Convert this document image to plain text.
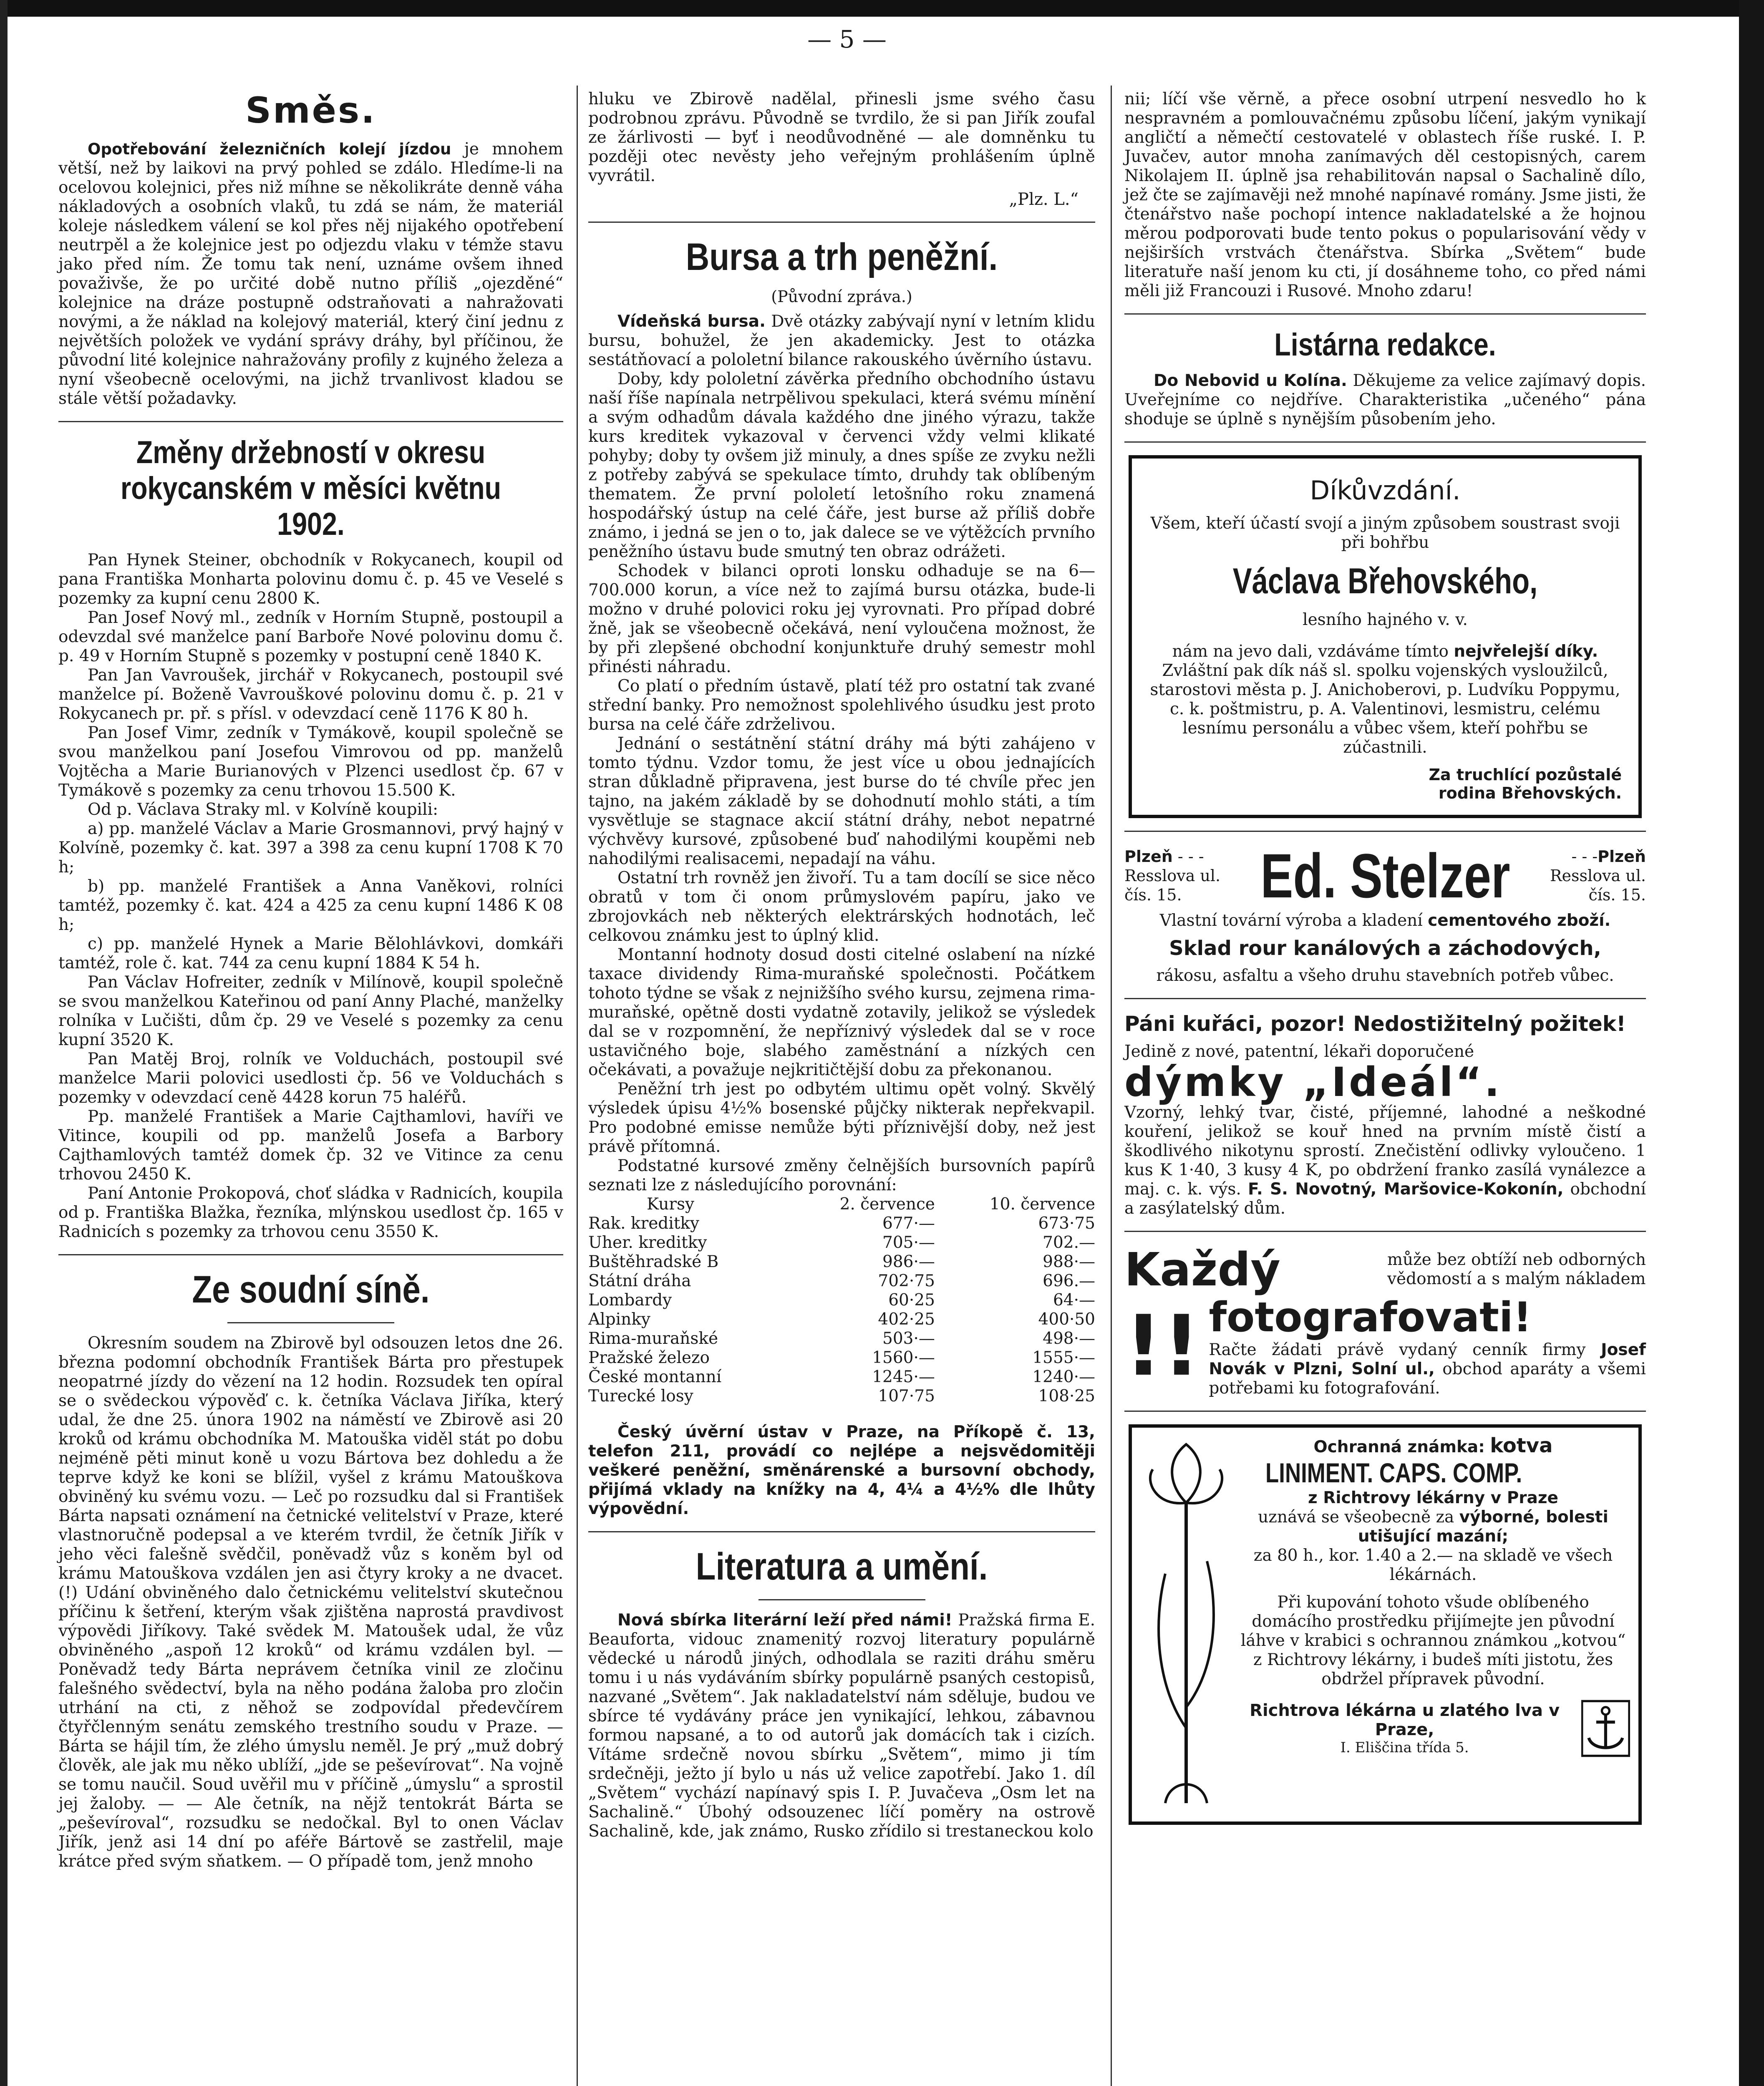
— 5 —
Směs.

Opotřebování železničních kolejí jízdou je mnohem větší, než by laikovi na prvý pohled se zdálo. Hledíme-li na ocelovou kolejnici, přes niž míhne se několikráte denně váha nákladových a osobních vlaků, tu zdá se nám, že materiál koleje následkem válení se kol přes něj nijakého opotřebení neutrpěl a že kolejnice jest po odjezdu vlaku v témže stavu jako před ním. Že tomu tak není, uznáme ovšem ihned považivše, že po určité době nutno příliš „ojezděné“ kolejnice na dráze postupně odstraňovati a nahražovati novými, a že náklad na kolejový materiál, který činí jednu z největších položek ve vydání správy dráhy, byl příčinou, že původní lité kolejnice nahražovány profily z kujného železa a nyní všeobecně ocelovými, na jichž trvanlivost kladou se stále větší požadavky.

Změny držebností v okresu rokycanském v měsíci květnu 1902.

Pan Hynek Steiner, obchodník v Rokycanech, koupil od pana Františka Monharta polovinu domu č. p. 45 ve Veselé s pozemky za kupní cenu 2800 K.

Pan Josef Nový ml., zedník v Horním Stupně, postoupil a odevzdal své manželce paní Barboře Nové polovinu domu č. p. 49 v Horním Stupně s pozemky v postupní ceně 1840 K.

Pan Jan Vavroušek, jirchář v Rokycanech, postoupil své manželce pí. Boženě Vavrouškové polovinu domu č. p. 21 v Rokycanech pr. př. s přísl. v odevzdací ceně 1176 K 80 h.

Pan Josef Vimr, zedník v Tymákově, koupil společně se svou manželkou paní Josefou Vimrovou od pp. manželů Vojtěcha a Marie Burianových v Plzenci usedlost čp. 67 v Tymákově s pozemky za cenu trhovou 15.500 K.

Od p. Václava Straky ml. v Kolvíně koupili:

a) pp. manželé Václav a Marie Grosmannovi, prvý hajný v Kolvíně, pozemky č. kat. 397 a 398 za cenu kupní 1708 K 70 h;

b) pp. manželé František a Anna Vaněkovi, rolníci tamtéž, pozemky č. kat. 424 a 425 za cenu kupní 1486 K 08 h;

c) pp. manželé Hynek a Marie Bělohlávkovi, domkáři tamtéž, role č. kat. 744 za cenu kupní 1884 K 54 h.

Pan Václav Hofreiter, zedník v Milínově, koupil společně se svou manželkou Kateřinou od paní Anny Plaché, manželky rolníka v Lučišti, dům čp. 29 ve Veselé s pozemky za cenu kupní 3520 K.

Pan Matěj Broj, rolník ve Volduchách, postoupil své manželce Marii polovici usedlosti čp. 56 ve Volduchách s pozemky v odevzdací ceně 4428 korun 75 haléřů.

Pp. manželé František a Marie Cajthamlovi, havíři ve Vitince, koupili od pp. manželů Josefa a Barbory Cajthamlových tamtéž domek čp. 32 ve Vitince za cenu trhovou 2450 K.

Paní Antonie Prokopová, choť sládka v Radnicích, koupila od p. Františka Blažka, řezníka, mlýnskou usedlost čp. 165 v Radnicích s pozemky za trhovou cenu 3550 K.

Ze soudní síně.

Okresním soudem na Zbirově byl odsouzen letos dne 26. března podomní obchodník František Bárta pro přestupek neopatrné jízdy do vězení na 12 hodin. Rozsudek ten opíral se o svědeckou výpověď c. k. četníka Václava Jiříka, který udal, že dne 25. února 1902 na náměstí ve Zbirově asi 20 kroků od krámu obchodníka M. Matouška viděl stát po dobu nejméně pěti minut koně u vozu Bártova bez dohledu a že teprve když ke koni se blížil, vyšel z krámu Matouškova obviněný ku svému vozu. — Leč po rozsudku dal si František Bárta napsati oznámení na četnické velitelství v Praze, které vlastnoručně podepsal a ve kterém tvrdil, že četník Jiřík v jeho věci falešně svědčil, poněvadž vůz s koněm byl od krámu Matouškova vzdálen jen asi čtyry kroky a ne dvacet. (!) Udání obviněného dalo četnickému velitelství skutečnou příčinu k šetření, kterým však zjištěna naprostá pravdivost výpovědi Jiříkovy. Také svědek M. Matoušek udal, že vůz obviněného „aspoň 12 kroků“ od krámu vzdálen byl. — Poněvadž tedy Bárta neprávem četníka vinil ze zločinu falešného svědectví, byla na něho podána žaloba pro zločin utrhání na cti, z něhož se zodpovídal předevčírem čtyřčlenným senátu zemského trestního soudu v Praze. — Bárta se hájil tím, že zlého úmyslu neměl. Je prý „muž dobrý člověk, ale jak mu něko ublíží, „jde se peševírovat“. Na vojně se tomu naučil. Soud uvěřil mu v příčině „úmyslu“ a sprostil jej žaloby. — — Ale četník, na nějž tentokrát Bárta se „peševíroval“, rozsudku se nedočkal. Byl to onen Václav Jiřík, jenž asi 14 dní po aféře Bártově se zastřelil, maje krátce před svým sňatkem. — O případě tom, jenž mnoho

hluku ve Zbirově nadělal, přinesli jsme svého času podrobnou zprávu. Původně se tvrdilo, že si pan Jiřík zoufal ze žárlivosti — byť i neodůvodněné — ale domněnku tu později otec nevěsty jeho veřejným prohlášením úplně vyvrátil.

„Plz. L.“
Bursa a trh peněžní.
(Původní zpráva.)

Vídeňská bursa. Dvě otázky zabývají nyní v letním klidu bursu, bohužel, že jen akademicky. Jest to otázka sestátňovací a pololetní bilance rakouského úvěrního ústavu.

Doby, kdy pololetní závěrka předního obchodního ústavu naší říše napínala netrpělivou spekulaci, která svému mínění a svým odhadům dávala každého dne jiného výrazu, takže kurs kreditek vykazoval v červenci vždy velmi klikaté pohyby; doby ty ovšem již minuly, a dnes spíše ze zvyku nežli z potřeby zabývá se spekulace tímto, druhdy tak oblíbeným thematem. Že první pololetí letošního roku znamená hospodářský ústup na celé čáře, jest burse až příliš dobře známo, i jedná se jen o to, jak dalece se ve výtěžcích prvního peněžního ústavu bude smutný ten obraz odrážeti.

Schodek v bilanci oproti lonsku odhaduje se na 6—700.000 korun, a více než to zajímá bursu otázka, bude-li možno v druhé polovici roku jej vyrovnati. Pro případ dobré žně, jak se všeobecně očekává, není vyloučena možnost, že by při zlepšené obchodní konjunktuře druhý semestr mohl přinésti náhradu.

Co platí o předním ústavě, platí též pro ostatní tak zvané střední banky. Pro nemožnost spolehlivého úsudku jest proto bursa na celé čáře zdrželivou.

Jednání o sestátnění státní dráhy má býti zahájeno v tomto týdnu. Vzdor tomu, že jest více u obou jednajících stran důkladně připravena, jest burse do té chvíle přec jen tajno, na jakém základě by se dohodnutí mohlo státi, a tím vysvětluje se stagnace akcií státní dráhy, nebot nepatrné výchvěvy kursové, způsobené buď nahodilými koupěmi neb nahodilými realisacemi, nepadají na váhu.

Ostatní trh rovněž jen živoří. Tu a tam docílí se sice něco obratů v tom či onom průmyslovém papíru, jako ve zbrojovkách neb některých elektrárských hodnotách, leč celkovou známku jest to úplný klid.

Montanní hodnoty dosud dosti citelné oslabení na nízké taxace dividendy Rima-muraňské společnosti. Počátkem tohoto týdne se však z nejnižšího svého kursu, zejmena rima-muraňské, opětně dosti vydatně zotavily, jelikož se výsledek dal se v rozpomnění, že nepříznivý výsledek dal se v roce ustavičného boje, slabého zaměstnání a nízkých cen očekávati, a považuje nejkritičtější dobu za překonanou.

Peněžní trh jest po odbytém ultimu opět volný. Skvělý výsledek úpisu 4½% bosenské půjčky nikterak nepřekvapil. Pro podobné emisse nemůže býti příznivější doby, než jest právě přítomná.

Podstatné kursové změny čelnějších bursovních papírů seznati lze z následujícího porovnání:

Kursy	2. července	10. července
Rak. kreditky	677·—	673·75
Uher. kreditky	705·—	702.—
Buštěhradské B	986·—	988·—
Státní dráha	702·75	696.—
Lombardy	60·25	64·—
Alpinky	402·25	400·50
Rima-muraňské	503·—	498·—
Pražské železo	1560·—	1555·—
České montanní	1245·—	1240·—
Turecké losy	107·75	108·25

Český úvěrní ústav v Praze, na Příkopě č. 13, telefon 211, provádí co nejlépe a nejsvědomitěji veškeré peněžní, směnárenské a bursovní obchody, přijímá vklady na knížky na 4, 4¼ a 4½% dle lhůty výpovědní.

Literatura a umění.

Nová sbírka literární leží před námi! Pražská firma E. Beaufortа, vidouc znamenitý rozvoj literatury populárně vědecké u národů jiných, odhodlala se raziti dráhu směru tomu i u nás vydáváním sbírky populárně psaných cestopisů, nazvané „Světem“. Jak nakladatelství nám sděluje, budou ve sbírce té vydávány práce jen vynikající, lehkou, zábavnou formou napsané, a to od autorů jak domácích tak i cizích. Vítáme srdečně novou sbírku „Světem“, mimo ji tím srdečněji, ježto jí bylo u nás už velice zapotřebí. Jako 1. díl „Světem“ vychází napínavý spis I. P. Juvačeva „Osm let na Sachalině.“ Úbohý odsouzenec líčí poměry na ostrově Sachalině, kde, jak známo, Rusko zřídilo si trestaneckou kolo

nii; líčí vše věrně, a přece osobní utrpení nesvedlo ho k nespravném a pomlouvačnému způsobu líčení, jakým vynikají angličtí a němečtí cestovatelé v oblastech říše ruské. I. P. Juvačev, autor mnoha zanímavých děl cestopisných, carem Nikolajem II. úplně jsa rehabilitován napsal o Sachalině dílo, jež čte se zajímavěji než mnohé napínavé romány. Jsme jisti, že čtenářstvo naše pochopí intence nakladatelské a že hojnou měrou podporovati bude tento pokus o popularisování vědy v nejširších vrstvách čtenářstva. Sbírka „Světem“ bude literatuře naší jenom ku cti, jí dosáhneme toho, co před námi měli již Francouzi i Rusové. Mnoho zdaru!

Listárna redakce.

Do Nebovid u Kolína. Děkujeme za velice zajímavý dopis. Uveřejníme co nejdříve. Charakteristika „učeného“ pána shoduje se úplně s nynějším působením jeho.

Díkůvzdání.

Všem, kteří účastí svojí a jiným způsobem soustrast svoji při bohřbu

Václava Břehovského,

lesního hajného v. v.

nám na jevo dali, vzdáváme tímto nejvřelejší díky. Zvláštní pak dík náš sl. spolku vojenských vysloužilců, starostovi města p. J. Anichoberovi, p. Ludvíku Poppymu, c. k. poštmistru, p. A. Valentinovi, lesmistru, celému lesnímu personálu a vůbec všem, kteří pohřbu se zúčastnili.

Za truchlící pozůstalé
rodina Břehovských.
Plzeň - - -
Resslova ul.
čís. 15.	Ed. Stelzer	- - -Plzeň
Resslova ul.
čís. 15.

Vlastní tovární výroba a kladení cementového zboží.

Sklad rour kanálových a záchodových,

rákosu, asfaltu a všeho druhu stavebních potřeb vůbec.

Páni kuřáci, pozor! Nedostižitelný požitek!

Jedině z nové, patentní, lékaři doporučené

dýmky „Ideál“.

Vzorný, lehký tvar, čisté, příjemné, lahodné a neškodné kouření, jelikož se kouř hned na prvním místě čistí a škodlivého nikotynu sprostí. Znečistění odlivky vyloučeno. 1 kus K 1·40, 3 kusy 4 K, po obdržení franko zasílá vynálezce a maj. c. k. výs. F. S. Novotný, Maršovice-Kokonín, obchodní a zasýlatelský dům.

Každý	může bez obtíží neb odborných vědomostí a s malým nákladem

!! fotografovati!

Račte žádati právě vydaný cenník firmy Josef Novák v Plzni, Solní ul., obchod aparáty a všemi potřebami ku fotografování.

Ochranná známka: kotva

LINIMENT. CAPS. COMP.

z Richtrovy lékárny v Praze

uznává se všeobecně za výborné, bolesti utišující mazání;

za 80 h., kor. 1.40 a 2.— na skladě ve všech lékárnách.

Při kupování tohoto všude oblíbeného domácího prostředku přijímejte jen původní láhve v krabici s ochrannou známkou „kotvou“ z Richtrovy lékárny, i budeš míti jistotu, žes obdržel přípravek původní.

Richtrova lékárna u zlatého lva v Praze,
I. Eliščina třída 5.
